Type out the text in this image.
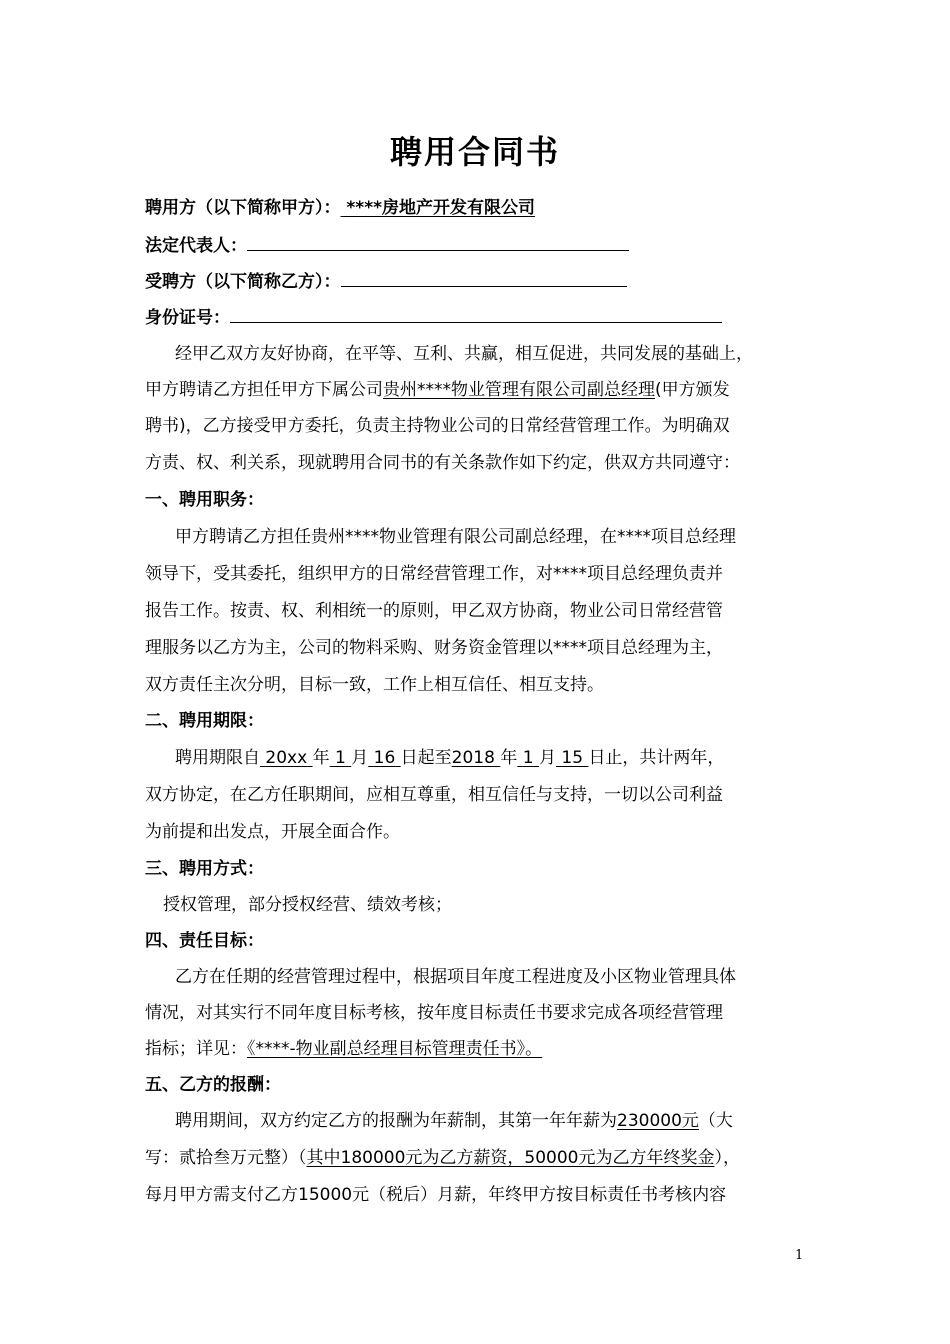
聘用合同书
聘用方（以下简称甲方）： ****房地产开发有限公司
法定代表人：
受聘方（以下简称乙方）：
身份证号：
经甲乙双方友好协商，在平等、互利、共赢，相互促进，共同发展的基础上，
甲方聘请乙方担任甲方下属公司贵州****物业管理有限公司副总经理(甲方颁发
聘书)，乙方接受甲方委托，负责主持物业公司的日常经营管理工作。为明确双
方责、权、利关系，现就聘用合同书的有关条款作如下约定，供双方共同遵守：
一、聘用职务：
甲方聘请乙方担任贵州****物业管理有限公司副总经理，在****项目总经理
领导下，受其委托，组织甲方的日常经营管理工作，对****项目总经理负责并
报告工作。按责、权、利相统一的原则，甲乙双方协商，物业公司日常经营管
理服务以乙方为主，公司的物料采购、财务资金管理以****项目总经理为主，
双方责任主次分明，目标一致，工作上相互信任、相互支持。
二、聘用期限：
聘用期限自 20xx 年 1 月 16 日起至2018 年 1 月 15 日止，共计两年，
双方协定，在乙方任职期间，应相互尊重，相互信任与支持，一切以公司利益
为前提和出发点，开展全面合作。
三、聘用方式：
授权管理，部分授权经营、绩效考核；
四、责任目标：
乙方在任期的经营管理过程中，根据项目年度工程进度及小区物业管理具体
情况，对其实行不同年度目标考核，按年度目标责任书要求完成各项经营管理
指标；详见：《****-物业副总经理目标管理责任书》。
五、乙方的报酬：
聘用期间，双方约定乙方的报酬为年薪制，其第一年年薪为230000元（大
写：贰拾叁万元整）（其中180000元为乙方薪资，50000元为乙方年终奖金），
每月甲方需支付乙方15000元（税后）月薪，年终甲方按目标责任书考核内容
1
